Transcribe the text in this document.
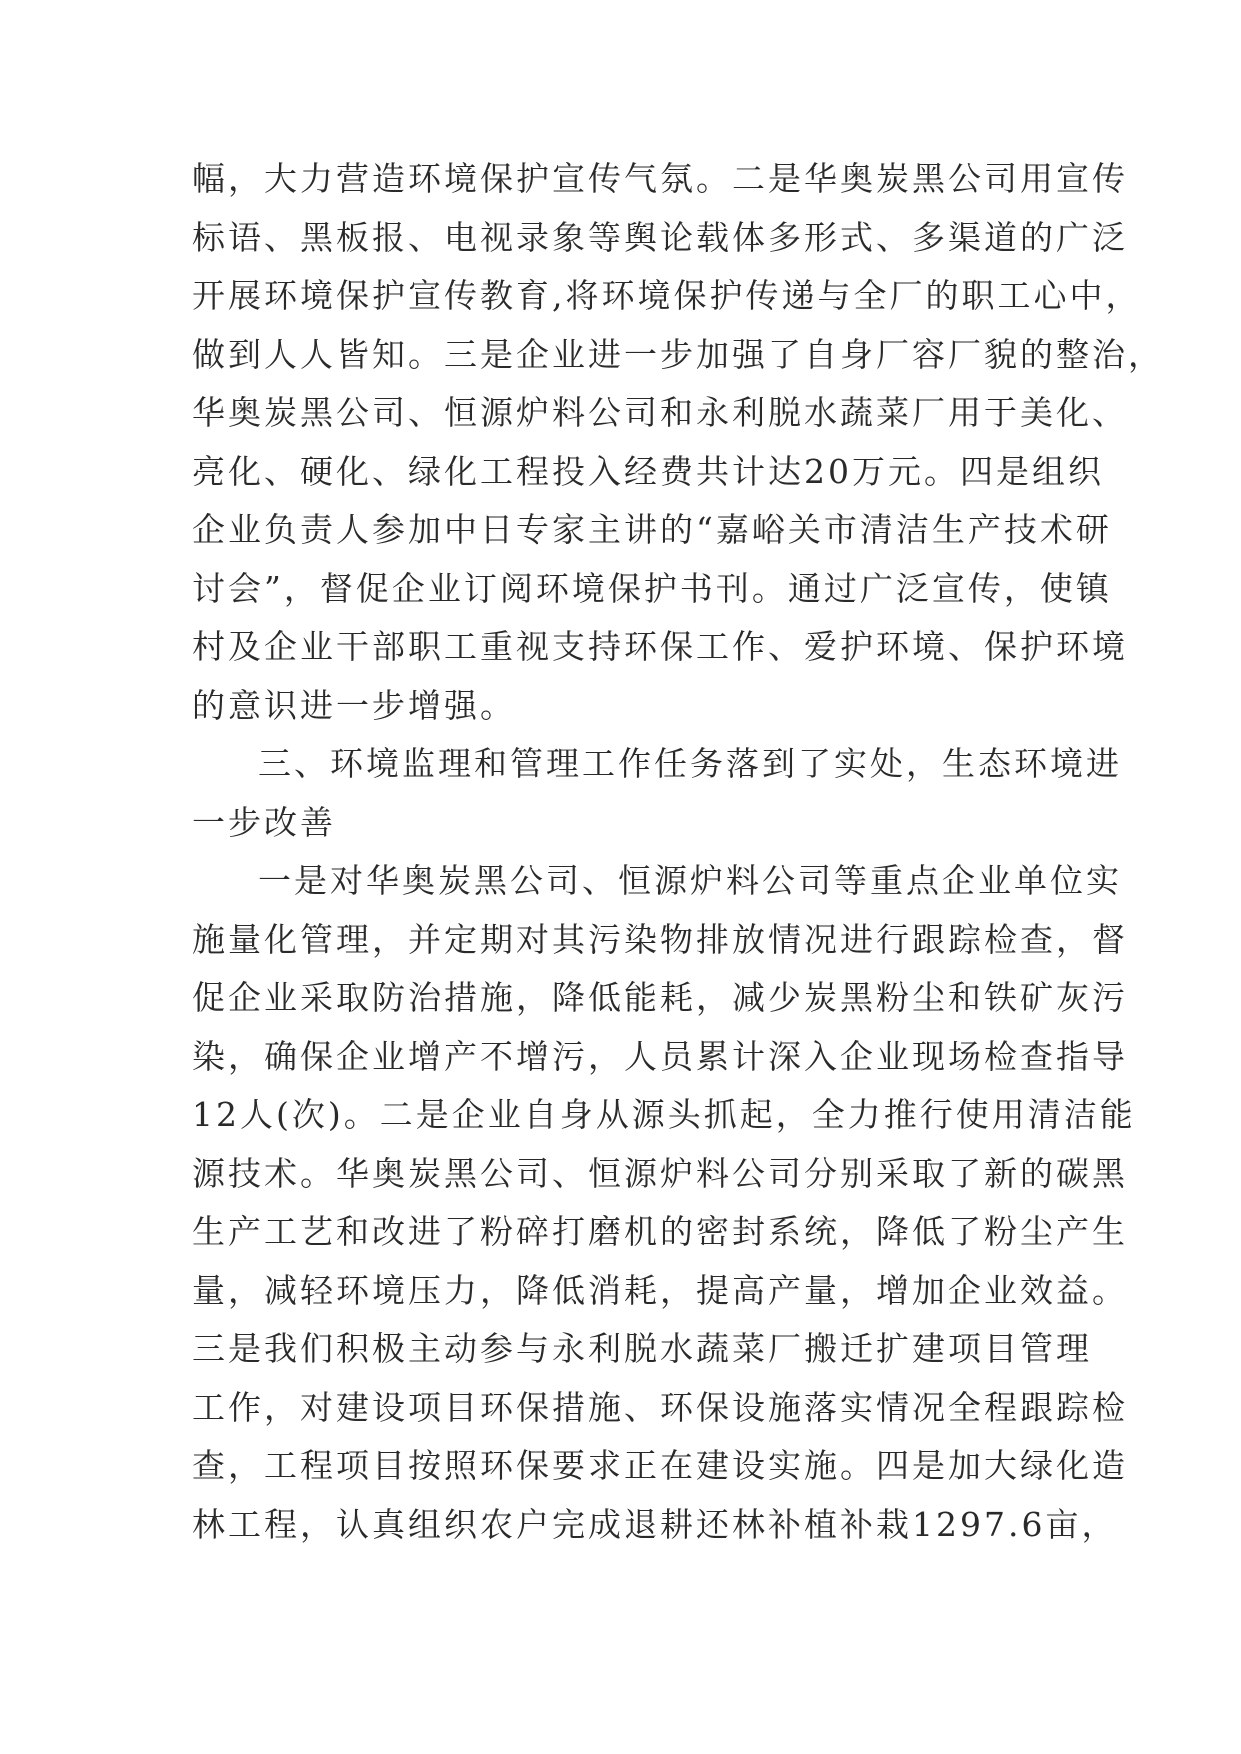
幅，大力营造环境保护宣传气氛。二是华奥炭黑公司用宣传
标语、黑板报、电视录象等舆论载体多形式、多渠道的广泛
开展环境保护宣传教育,将环境保护传递与全厂的职工心中，
做到人人皆知。三是企业进一步加强了自身厂容厂貌的整治，
华奥炭黑公司、恒源炉料公司和永利脱水蔬菜厂用于美化、
亮化、硬化、绿化工程投入经费共计达20万元。四是组织
企业负责人参加中日专家主讲的“嘉峪关市清洁生产技术研
讨会”，督促企业订阅环境保护书刊。通过广泛宣传，使镇
村及企业干部职工重视支持环保工作、爱护环境、保护环境
的意识进一步增强。
三、环境监理和管理工作任务落到了实处，生态环境进
一步改善
一是对华奥炭黑公司、恒源炉料公司等重点企业单位实
施量化管理，并定期对其污染物排放情况进行跟踪检查，督
促企业采取防治措施，降低能耗，减少炭黑粉尘和铁矿灰污
染，确保企业增产不增污，人员累计深入企业现场检查指导
12人(次)。二是企业自身从源头抓起，全力推行使用清洁能
源技术。华奥炭黑公司、恒源炉料公司分别采取了新的碳黑
生产工艺和改进了粉碎打磨机的密封系统，降低了粉尘产生
量，减轻环境压力，降低消耗，提高产量，增加企业效益。
三是我们积极主动参与永利脱水蔬菜厂搬迁扩建项目管理
工作，对建设项目环保措施、环保设施落实情况全程跟踪检
查，工程项目按照环保要求正在建设实施。四是加大绿化造
林工程，认真组织农户完成退耕还林补植补栽1297.6亩，
